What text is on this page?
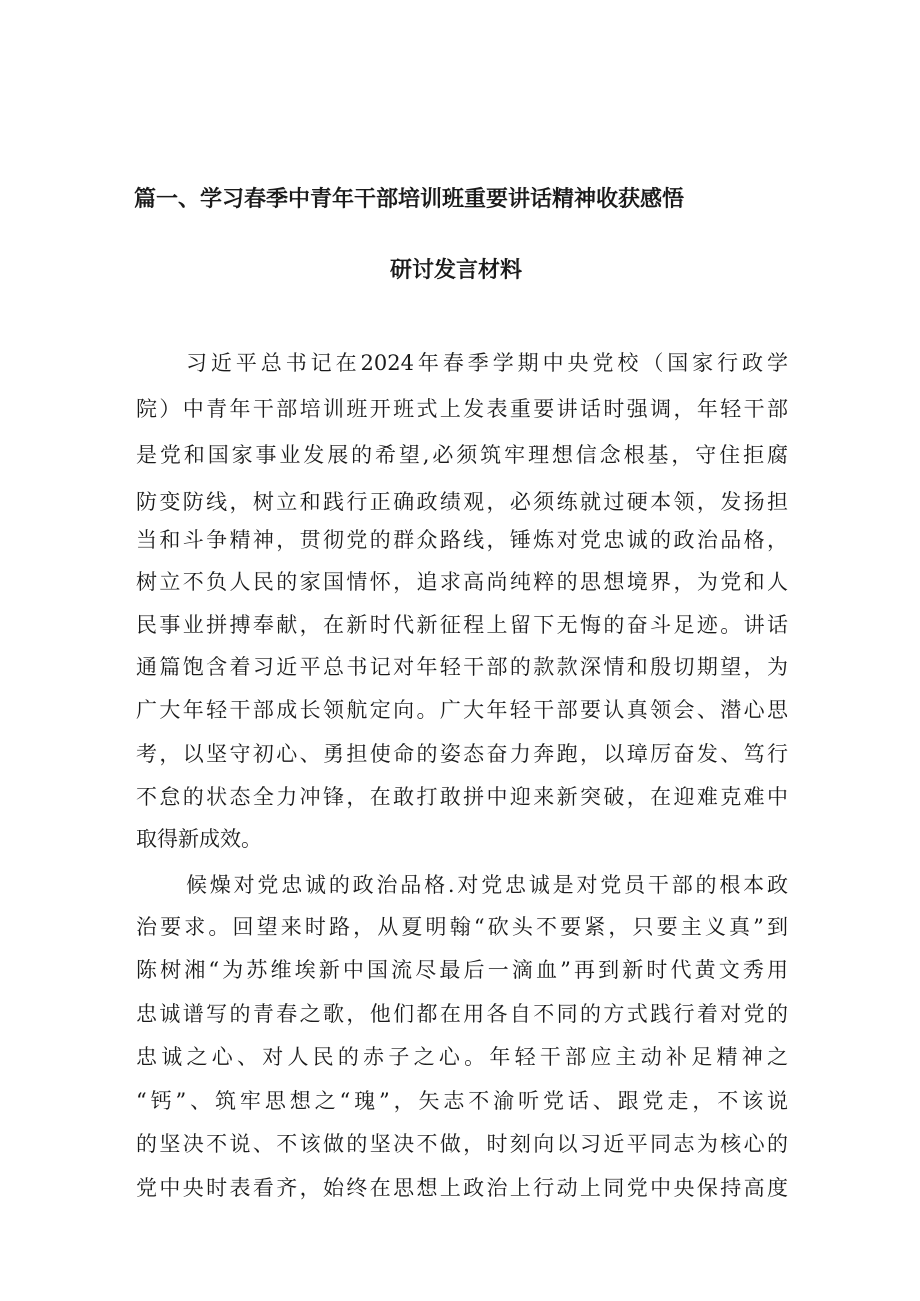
篇一、学习春季中青年干部培训班重要讲话精神收获感悟
研讨发言材料
习近平总书记在2024年春季学期中央党校（国家行政学
院）中青年干部培训班开班式上发表重要讲话时强调，年轻干部
是党和国家事业发展的希望,必须筑牢理想信念根基，守住拒腐
防变防线，树立和践行正确政绩观，必须练就过硬本领，发扬担
当和斗争精神，贯彻党的群众路线，锤炼对党忠诚的政治品格，
树立不负人民的家国情怀，追求高尚纯粹的思想境界，为党和人
民事业拼搏奉献，在新时代新征程上留下无悔的奋斗足迹。讲话
通篇饱含着习近平总书记对年轻干部的款款深情和殷切期望，为
广大年轻干部成长领航定向。广大年轻干部要认真领会、潜心思
考，以坚守初心、勇担使命的姿态奋力奔跑，以璋厉奋发、笃行
不怠的状态全力冲锋，在敢打敢拼中迎来新突破，在迎难克难中
取得新成效。
候燥对党忠诚的政治品格.对党忠诚是对党员干部的根本政
治要求。回望来时路，从夏明翰“砍头不要紧，只要主义真”到
陈树湘“为苏维埃新中国流尽最后一滴血”再到新时代黄文秀用
忠诚谱写的青春之歌，他们都在用各自不同的方式践行着对党的
忠诚之心、对人民的赤子之心。年轻干部应主动补足精神之
“钙”、筑牢思想之“瑰”，矢志不渝听党话、跟党走，不该说
的坚决不说、不该做的坚决不做，时刻向以习近平同志为核心的
党中央时表看齐，始终在思想上政治上行动上同党中央保持高度
